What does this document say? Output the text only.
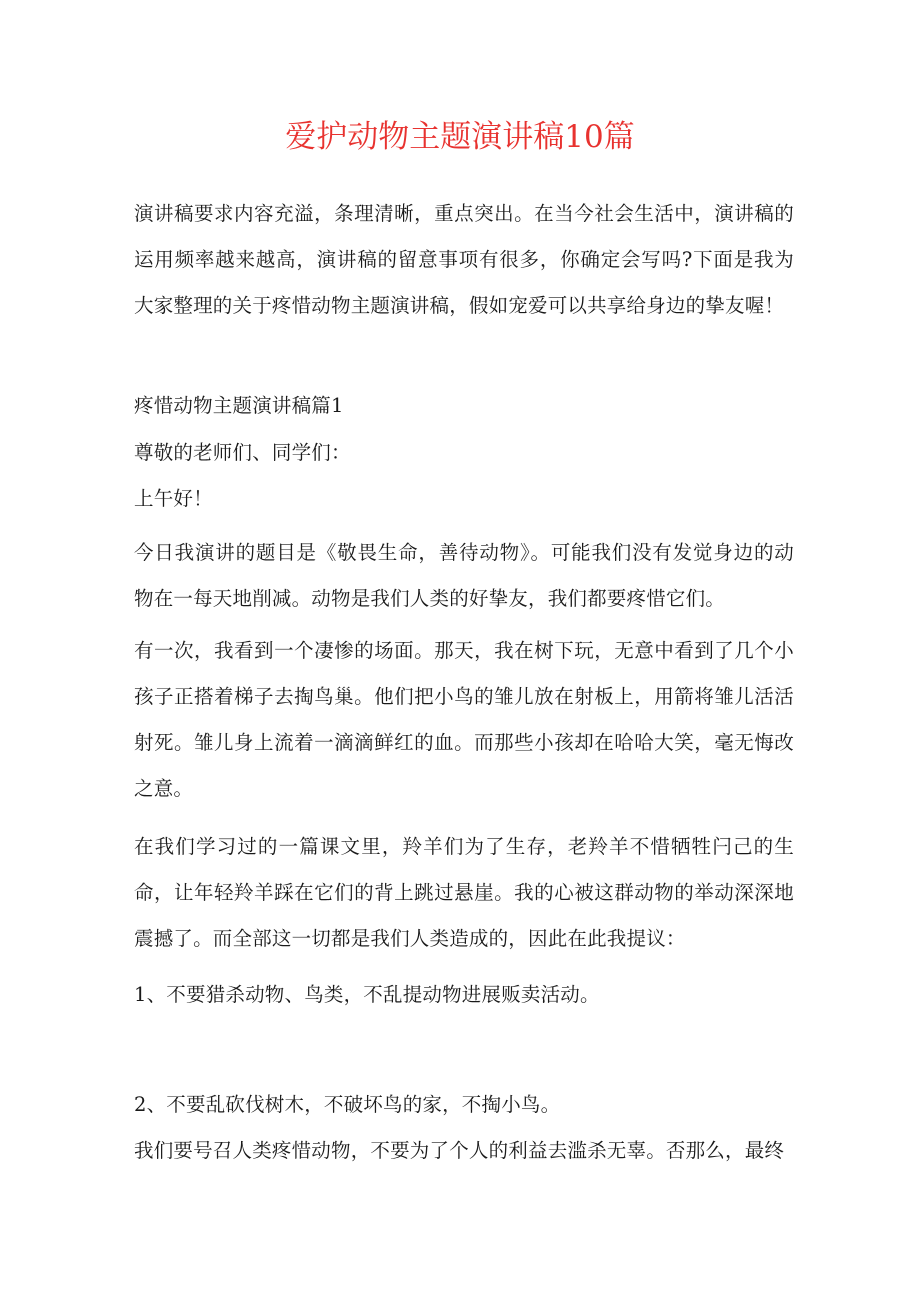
爱护动物主题演讲稿10篇
演讲稿要求内容充溢，条理清晰，重点突出。在当今社会生活中，演讲稿的运用频率越来越高，演讲稿的留意事项有很多，你确定会写吗?下面是我为大家整理的关于疼惜动物主题演讲稿，假如宠爱可以共享给身边的挚友喔！
疼惜动物主题演讲稿篇1
尊敬的老师们、同学们：
上午好！
今日我演讲的题目是《敬畏生命，善待动物》。可能我们没有发觉身边的动物在一每天地削减。动物是我们人类的好挚友，我们都要疼惜它们。
有一次，我看到一个凄惨的场面。那天，我在树下玩，无意中看到了几个小孩子正搭着梯子去掏鸟巢。他们把小鸟的雏儿放在射板上，用箭将雏儿活活射死。雏儿身上流着一滴滴鲜红的血。而那些小孩却在哈哈大笑，毫无悔改之意。
在我们学习过的一篇课文里，羚羊们为了生存，老羚羊不惜牺牲闩己的生命，让年轻羚羊踩在它们的背上跳过悬崖。我的心被这群动物的举动深深地震撼了。而全部这一切都是我们人类造成的，因此在此我提议：
1、不要猎杀动物、鸟类，不乱提动物进展贩卖活动。
2、不要乱砍伐树木，不破坏鸟的家，不掏小鸟。
我们要号召人类疼惜动物，不要为了个人的利益去滥杀无辜。否那么，最终
